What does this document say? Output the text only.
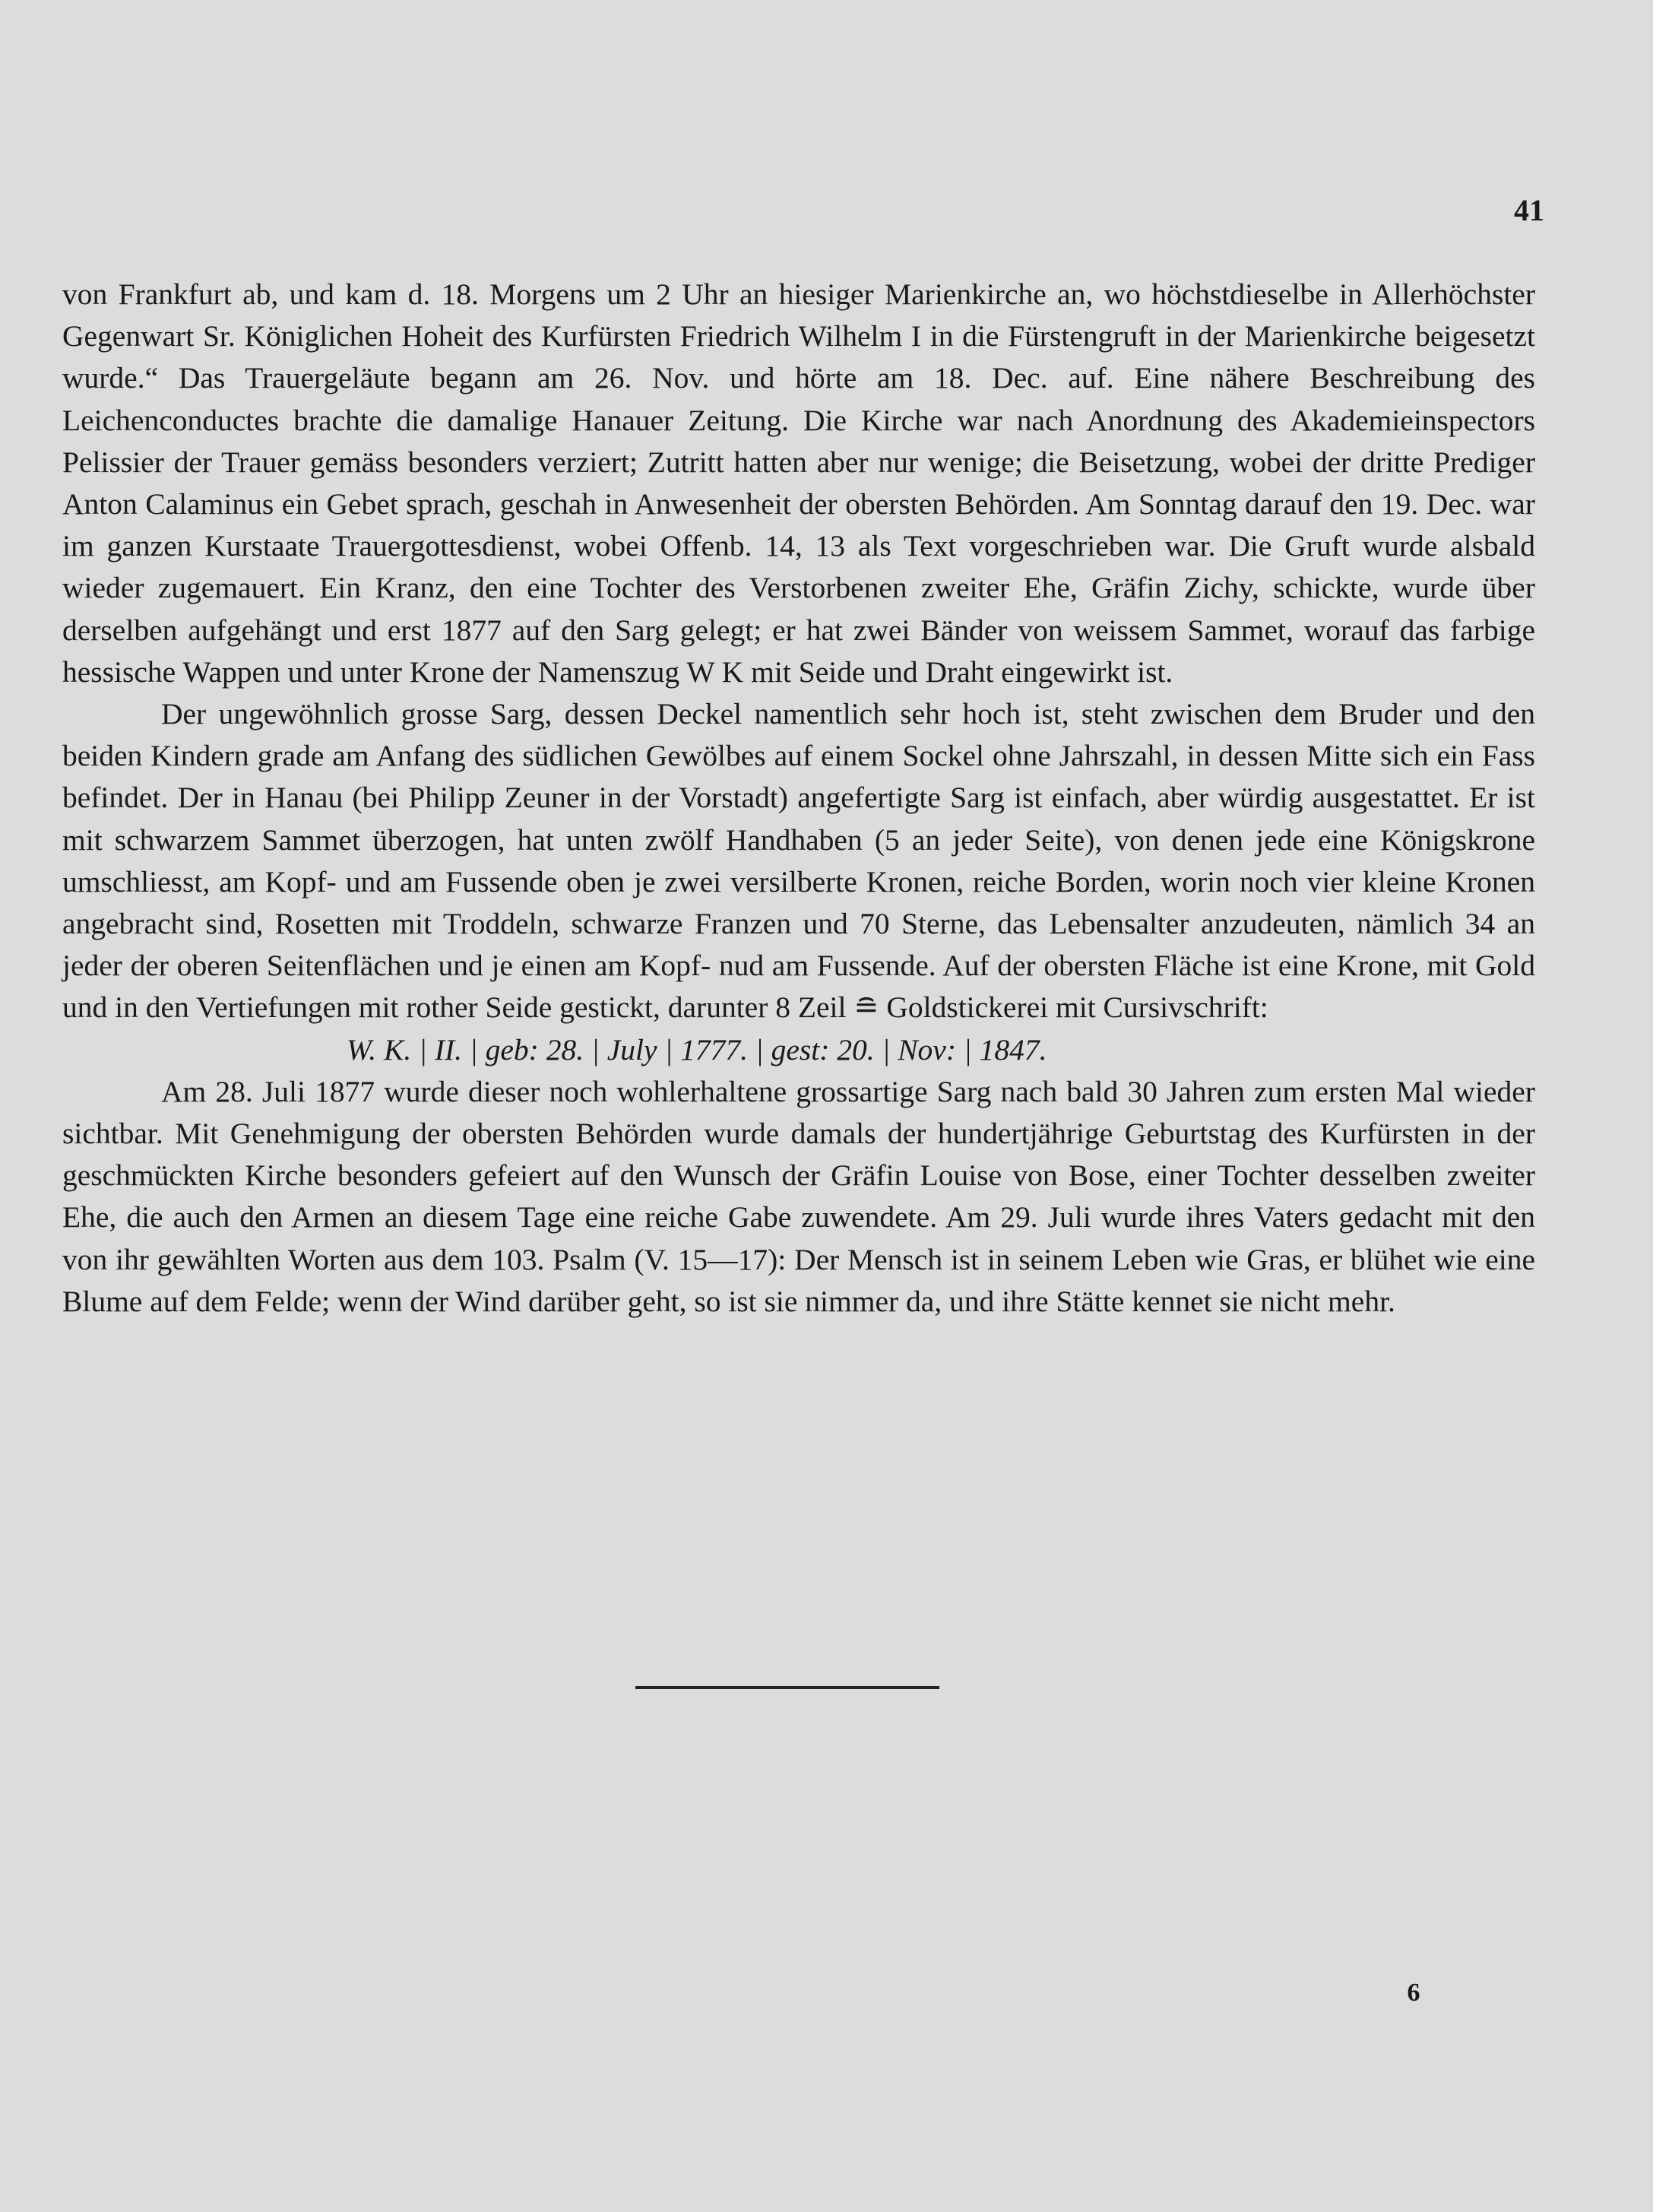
41

von Frankfurt ab, und kam d. 18. Morgens um 2 Uhr an hiesiger Marienkirche an, wo höchstdieselbe in Allerhöchster Gegenwart Sr. Königlichen Hoheit des Kurfürsten Friedrich Wilhelm I in die Fürstengruft in der Marienkirche beigesetzt wurde.“ Das Trauergeläute begann am 26. Nov. und hörte am 18. Dec. auf. Eine nähere Beschreibung des Leichenconductes brachte die damalige Hanauer Zeitung. Die Kirche war nach Anordnung des Akademieinspectors Pelissier der Trauer gemäss besonders verziert; Zutritt hatten aber nur wenige; die Beisetzung, wobei der dritte Prediger Anton Calaminus ein Gebet sprach, geschah in Anwesenheit der obersten Behörden. Am Sonntag darauf den 19. Dec. war im ganzen Kurstaate Trauergottesdienst, wobei Offenb. 14, 13 als Text vorgeschrieben war. Die Gruft wurde alsbald wieder zugemauert. Ein Kranz, den eine Tochter des Verstorbenen zweiter Ehe, Gräfin Zichy, schickte, wurde über derselben aufgehängt und erst 1877 auf den Sarg gelegt; er hat zwei Bänder von weissem Sammet, worauf das farbige hessische Wappen und unter Krone der Namenszug W K mit Seide und Draht eingewirkt ist.

Der ungewöhnlich grosse Sarg, dessen Deckel namentlich sehr hoch ist, steht zwischen dem Bruder und den beiden Kindern grade am Anfang des südlichen Gewölbes auf einem Sockel ohne Jahrszahl, in dessen Mitte sich ein Fass befindet. Der in Hanau (bei Philipp Zeuner in der Vorstadt) angefertigte Sarg ist einfach, aber würdig ausgestattet. Er ist mit schwarzem Sammet überzogen, hat unten zwölf Handhaben (5 an jeder Seite), von denen jede eine Königskrone umschliesst, am Kopf- und am Fussende oben je zwei versilberte Kronen, reiche Borden, worin noch vier kleine Kronen angebracht sind, Rosetten mit Troddeln, schwarze Franzen und 70 Sterne, das Lebensalter anzudeuten, nämlich 34 an jeder der oberen Seitenflächen und je einen am Kopf- nud am Fussende. Auf der obersten Fläche ist eine Krone, mit Gold und in den Vertiefungen mit rother Seide gestickt, darunter 8 Zeil ≘ Goldstickerei mit Cursivschrift:

W. K. | II. | geb: 28. | July | 1777. | gest: 20. | Nov: | 1847.

Am 28. Juli 1877 wurde dieser noch wohlerhaltene grossartige Sarg nach bald 30 Jahren zum ersten Mal wieder sichtbar. Mit Genehmigung der obersten Behörden wurde damals der hundertjährige Geburtstag des Kurfürsten in der geschmückten Kirche besonders gefeiert auf den Wunsch der Gräfin Louise von Bose, einer Tochter desselben zweiter Ehe, die auch den Armen an diesem Tage eine reiche Gabe zuwendete. Am 29. Juli wurde ihres Vaters gedacht mit den von ihr gewählten Worten aus dem 103. Psalm (V. 15—17): Der Mensch ist in seinem Leben wie Gras, er blühet wie eine Blume auf dem Felde; wenn der Wind darüber geht, so ist sie nimmer da, und ihre Stätte kennet sie nicht mehr.

6
